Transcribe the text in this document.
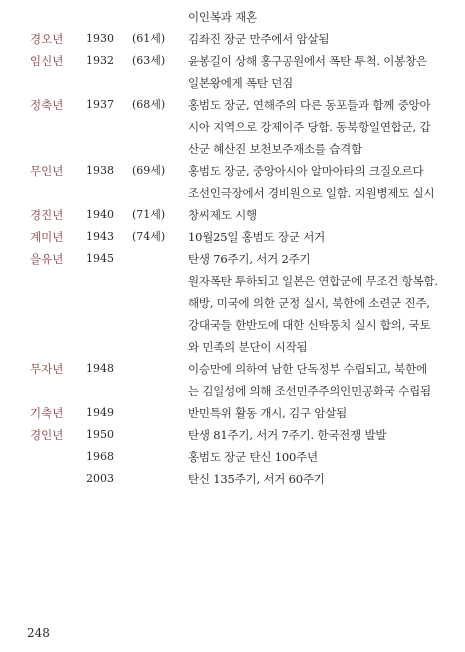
이인복과 재혼
경오년 1930 (61세) 김좌진 장군 만주에서 암살됨
임신년 1932 (63세) 윤봉길이 상해 홍구공원에서 폭탄 투척. 이봉창은
일본왕에게 폭탄 던짐
정축년 1937 (68세) 홍범도 장군, 연해주의 다른 동포들과 함께 중앙아
시아 지역으로 강제이주 당함. 동북항일연합군, 갑
산군 혜산진 보천보주재소를 습격함
무인년 1938 (69세) 홍범도 장군, 중앙아시아 알마아타의 크질오르다
조선인극장에서 경비원으로 일함. 지원병제도 실시
경진년 1940 (71세) 창씨제도 시행
계미년 1943 (74세) 10월25일 홍범도 장군 서거
을유년 1945	탄생 76주기, 서거 2주기
원자폭탄 투하되고 일본은 연합군에 무조건 항복함.
해방, 미국에 의한 군정 실시, 북한에 소련군 진주,
강대국들 한반도에 대한 신탁통치 실시 합의, 국토
와 민족의 분단이 시작됨
무자년 1948	이승만에 의하여 남한 단독정부 수립되고, 북한에
는 김일성에 의해 조선민주주의인민공화국 수립됨
기축년 1949	반민특위 활동 개시, 김구 암살됨
경인년 1950	탄생 81주기, 서거 7주기. 한국전쟁 발발
1968	홍범도 장군 탄신 100주년
2003	탄신 135주기, 서거 60주기
248
